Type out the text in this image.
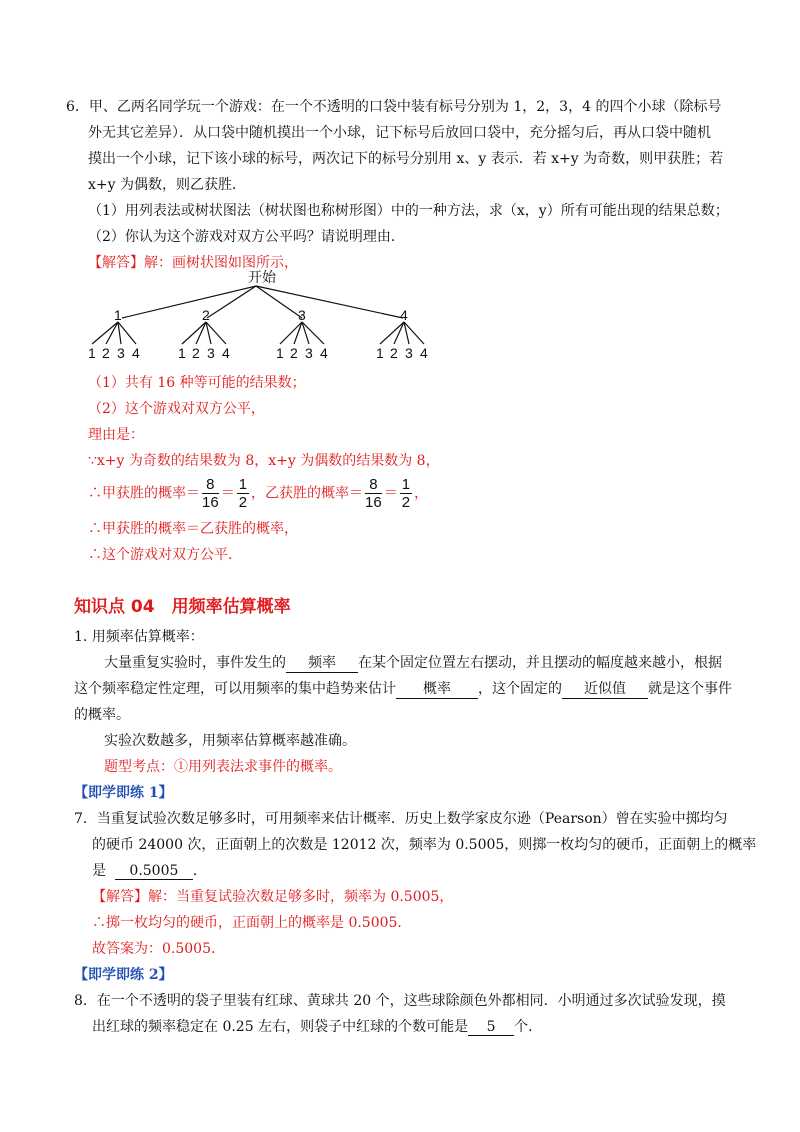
6．甲、乙两名同学玩一个游戏：在一个不透明的口袋中装有标号分别为 1，2，3，4 的四个小球（除标号
外无其它差异）．从口袋中随机摸出一个小球，记下标号后放回口袋中，充分摇匀后，再从口袋中随机
摸出一个小球，记下该小球的标号，两次记下的标号分别用 x、y 表示．若 x+y 为奇数，则甲获胜；若
x+y 为偶数，则乙获胜．
（1）用列表法或树状图法（树状图也称树形图）中的一种方法，求（x，y）所有可能出现的结果总数；
（2）你认为这个游戏对双方公平吗？请说明理由．
【解答】解：画树状图如图所示，
开始
1	2	3	4
1 2 3 4	1 2 3 4	1 2 3 4	1 2 3 4
（1）共有 16 种等可能的结果数；
（2）这个游戏对双方公平，
理由是：
∵x+y 为奇数的结果数为 8，x+y 为偶数的结果数为 8，
∴甲获胜的概率＝ $\frac{8}{16} = \frac{1}{2}$ ，乙获胜的概率＝ $\frac{8}{16} = \frac{1}{2}$ ，
∴甲获胜的概率＝乙获胜的概率，
∴这个游戏对双方公平．
知识点 04　用频率估算概率
1. 用频率估算概率：
大量重复实验时，事件发生的 频率 在某个固定位置左右摆动，并且摆动的幅度越来越小，根据
这个频率稳定性定理，可以用频率的集中趋势来估计 概率 ，这个固定的 近似值 就是这个事件
的概率。
实验次数越多，用频率估算概率越准确。
题型考点：①用列表法求事件的概率。
【即学即练 1】
7．当重复试验次数足够多时，可用频率来估计概率．历史上数学家皮尔逊（Pearson）曾在实验中掷均匀
的硬币 24000 次，正面朝上的次数是 12012 次，频率为 0.5005，则掷一枚均匀的硬币，正面朝上的概率
是 0.5005 ．
【解答】解：当重复试验次数足够多时，频率为 0.5005，
∴掷一枚均匀的硬币，正面朝上的概率是 0.5005．
故答案为：0.5005．
【即学即练 2】
8．在一个不透明的袋子里装有红球、黄球共 20 个，这些球除颜色外都相同．小明通过多次试验发现，摸
出红球的频率稳定在 0.25 左右，则袋子中红球的个数可能是 5 个．
